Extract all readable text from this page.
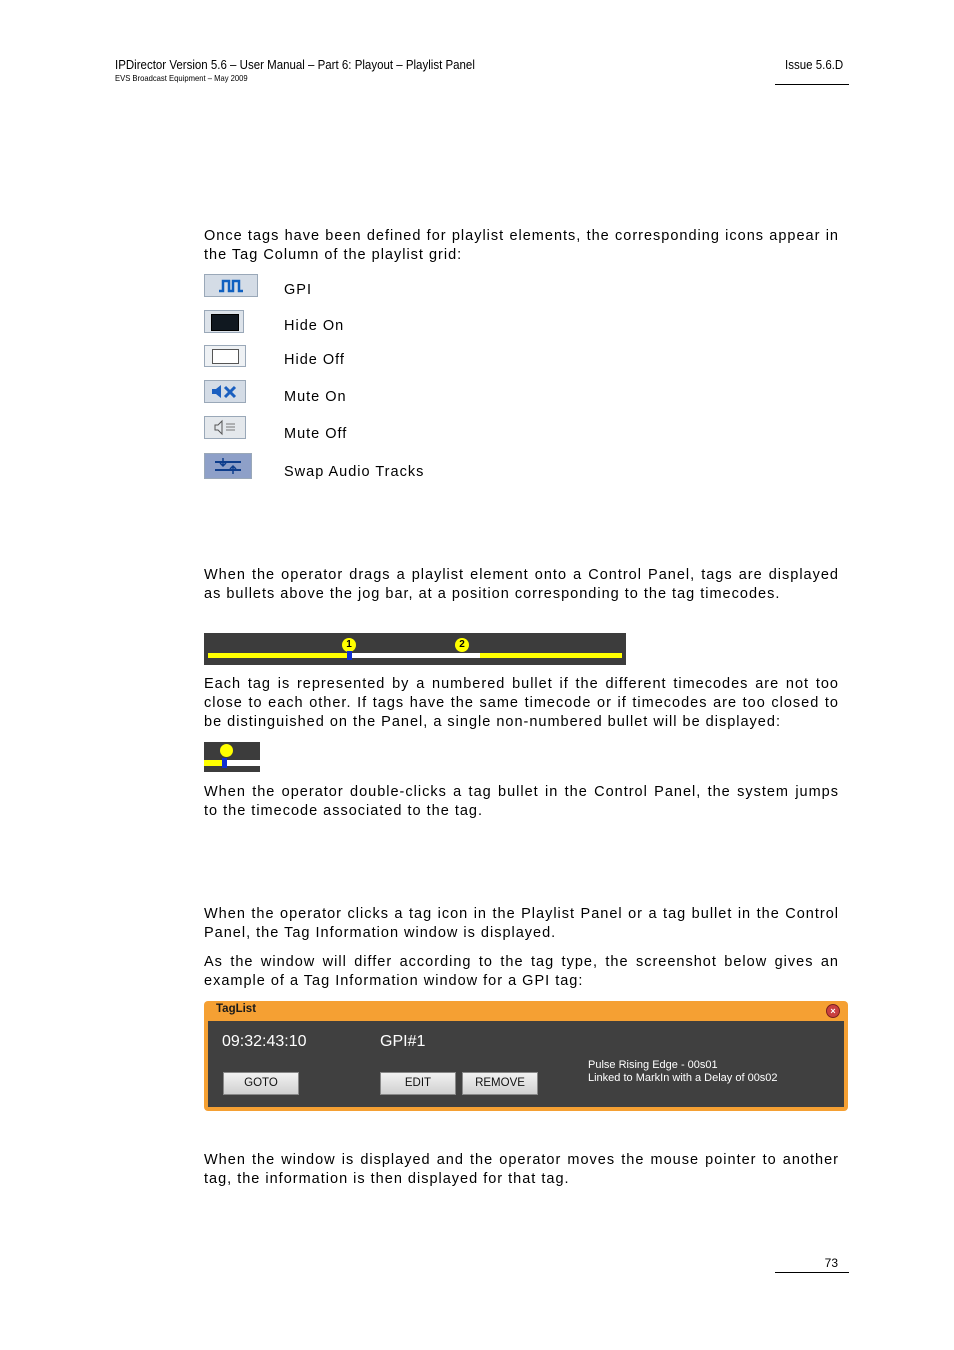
IPDirector Version 5.6 – User Manual – Part 6: Playout – Playlist Panel
EVS Broadcast Equipment – May 2009
Issue 5.6.D
Once tags have been defined for playlist elements, the corresponding icons appear in the Tag Column of the playlist grid:
GPI
Hide On
Hide Off
Mute On
Mute Off
Swap Audio Tracks
When the operator drags a playlist element onto a Control Panel, tags are displayed as bullets above the jog bar, at a position corresponding to the tag timecodes.
1	2
Each tag is represented by a numbered bullet if the different timecodes are not too close to each other. If tags have the same timecode or if timecodes are too closed to be distinguished on the Panel, a single non-numbered bullet will be displayed:
When the operator double-clicks a tag bullet in the Control Panel, the system jumps to the timecode associated to the tag.
When the operator clicks a tag icon in the Playlist Panel or a tag bullet in the Control Panel, the Tag Information window is displayed.
As the window will differ according to the tag type, the screenshot below gives an example of a Tag Information window for a GPI tag:
TagList	×
09:32:43:10	GPI#1
Pulse Rising Edge - 00s01
Linked to MarkIn with a Delay of 00s02
GOTO	EDIT	REMOVE
When the window is displayed and the operator moves the mouse pointer to another tag, the information is then displayed for that tag.
73
